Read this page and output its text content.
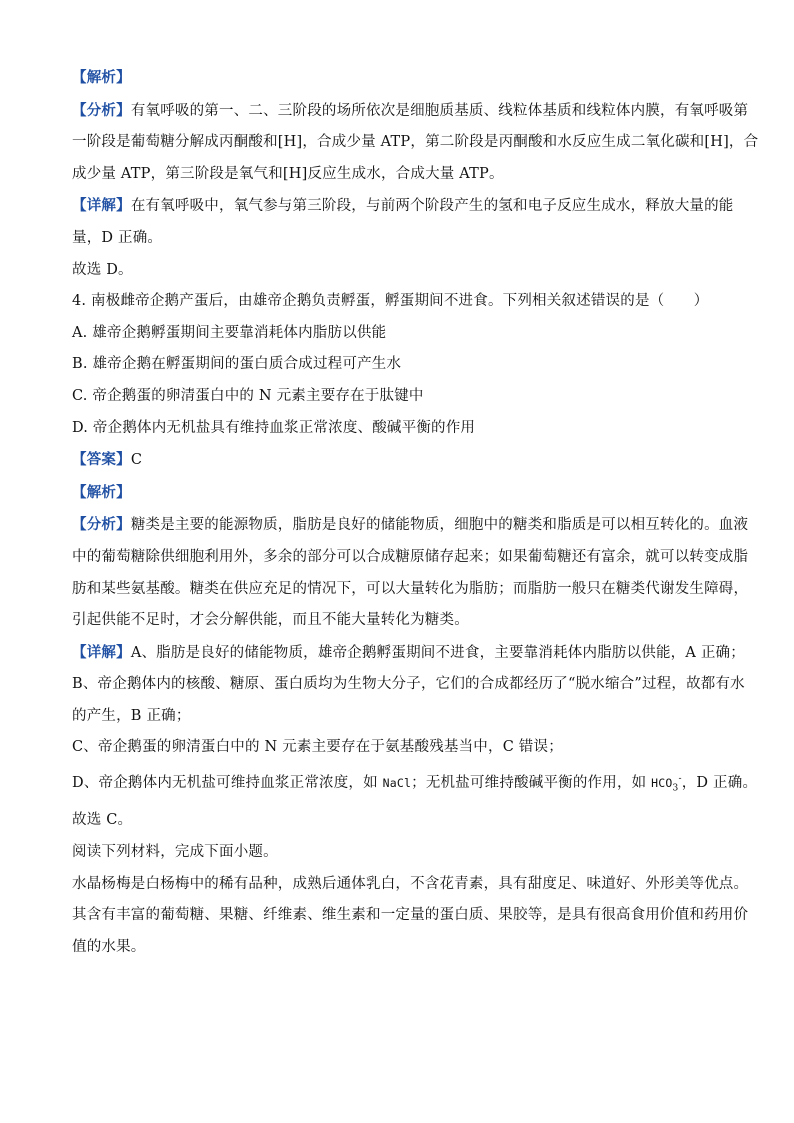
【解析】
【分析】有氧呼吸的第一、二、三阶段的场所依次是细胞质基质、线粒体基质和线粒体内膜，有氧呼吸第
一阶段是葡萄糖分解成丙酮酸和[H]，合成少量 ATP，第二阶段是丙酮酸和水反应生成二氧化碳和[H]，合
成少量 ATP，第三阶段是氧气和[H]反应生成水，合成大量 ATP。
【详解】在有氧呼吸中，氧气参与第三阶段，与前两个阶段产生的氢和电子反应生成水，释放大量的能
量，D 正确。
故选 D。
4. 南极雌帝企鹅产蛋后，由雄帝企鹅负责孵蛋，孵蛋期间不进食。下列相关叙述错误的是（　　）
A. 雄帝企鹅孵蛋期间主要靠消耗体内脂肪以供能
B. 雄帝企鹅在孵蛋期间的蛋白质合成过程可产生水
C. 帝企鹅蛋的卵清蛋白中的 N 元素主要存在于肽键中
D. 帝企鹅体内无机盐具有维持血浆正常浓度、酸碱平衡的作用
【答案】C
【解析】
【分析】糖类是主要的能源物质，脂肪是良好的储能物质，细胞中的糖类和脂质是可以相互转化的。血液
中的葡萄糖除供细胞利用外，多余的部分可以合成糖原储存起来；如果葡萄糖还有富余，就可以转变成脂
肪和某些氨基酸。糖类在供应充足的情况下，可以大量转化为脂肪；而脂肪一般只在糖类代谢发生障碍，
引起供能不足时，才会分解供能，而且不能大量转化为糖类。
【详解】A、脂肪是良好的储能物质，雄帝企鹅孵蛋期间不进食，主要靠消耗体内脂肪以供能，A 正确；
B、帝企鹅体内的核酸、糖原、蛋白质均为生物大分子，它们的合成都经历了“脱水缩合”过程，故都有水
的产生，B 正确；
C、帝企鹅蛋的卵清蛋白中的 N 元素主要存在于氨基酸残基当中，C 错误；
D、帝企鹅体内无机盐可维持血浆正常浓度，如 NaCl；无机盐可维持酸碱平衡的作用，如 $HCO_3^-$，D 正确。
故选 C。
阅读下列材料，完成下面小题。
水晶杨梅是白杨梅中的稀有品种，成熟后通体乳白，不含花青素，具有甜度足、味道好、外形美等优点。
其含有丰富的葡萄糖、果糖、纤维素、维生素和一定量的蛋白质、果胶等，是具有很高食用价值和药用价
值的水果。
